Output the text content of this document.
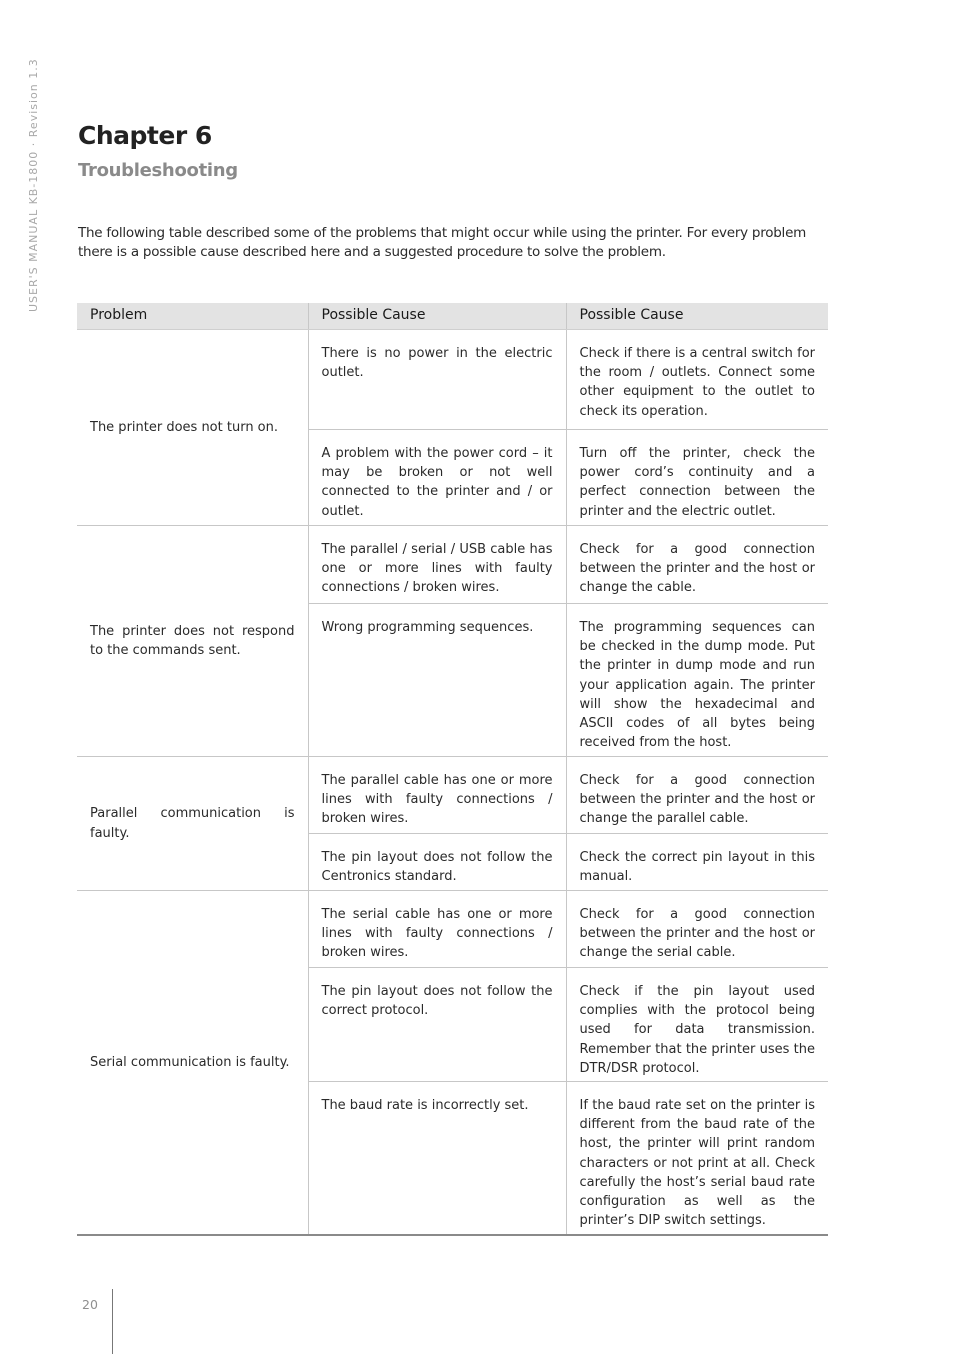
USER'S MANUAL KB-1800 · Revision 1.3 Chapter 6
Troubleshooting

The following table described some of the problems that might occur while using the printer. For every problem there is a possible cause described here and a suggested procedure to solve the problem.

Problem	Possible Cause	Possible Cause
The printer does not turn on.	There is no power in the electric outlet.	Check if there is a central switch for the room / outlets. Connect some other equipment to the outlet to check its operation.
	A problem with the power cord – it may be broken or not well connected to the printer and / or outlet.	Turn off the printer, check the power cord’s continuity and a perfect connection between the printer and the electric outlet.
The printer does not respond to the commands sent.	The parallel / serial / USB cable has one or more lines with faulty connections / broken wires.	Check for a good connection between the printer and the host or change the cable.
	Wrong programming sequences.	The programming sequences can be checked in the dump mode. Put the printer in dump mode and run your application again. The printer will show the hexadecimal and ASCII codes of all bytes being received from the host.
Parallel communication is faulty.	The parallel cable has one or more lines with faulty connections / broken wires.	Check for a good connection between the printer and the host or change the parallel cable.
	The pin layout does not follow the Centronics standard.	Check the correct pin layout in this manual.
Serial communication is faulty.	The serial cable has one or more lines with faulty connections / broken wires.	Check for a good connection between the printer and the host or change the serial cable.
	The pin layout does not follow the correct protocol.	Check if the pin layout used complies with the protocol being used for data transmission. Remember that the printer uses the DTR/DSR protocol.
	The baud rate is incorrectly set.	If the baud rate set on the printer is different from the baud rate of the host, the printer will print random characters or not print at all. Check carefully the host’s serial baud rate configuration as well as the printer’s DIP switch settings.
20
